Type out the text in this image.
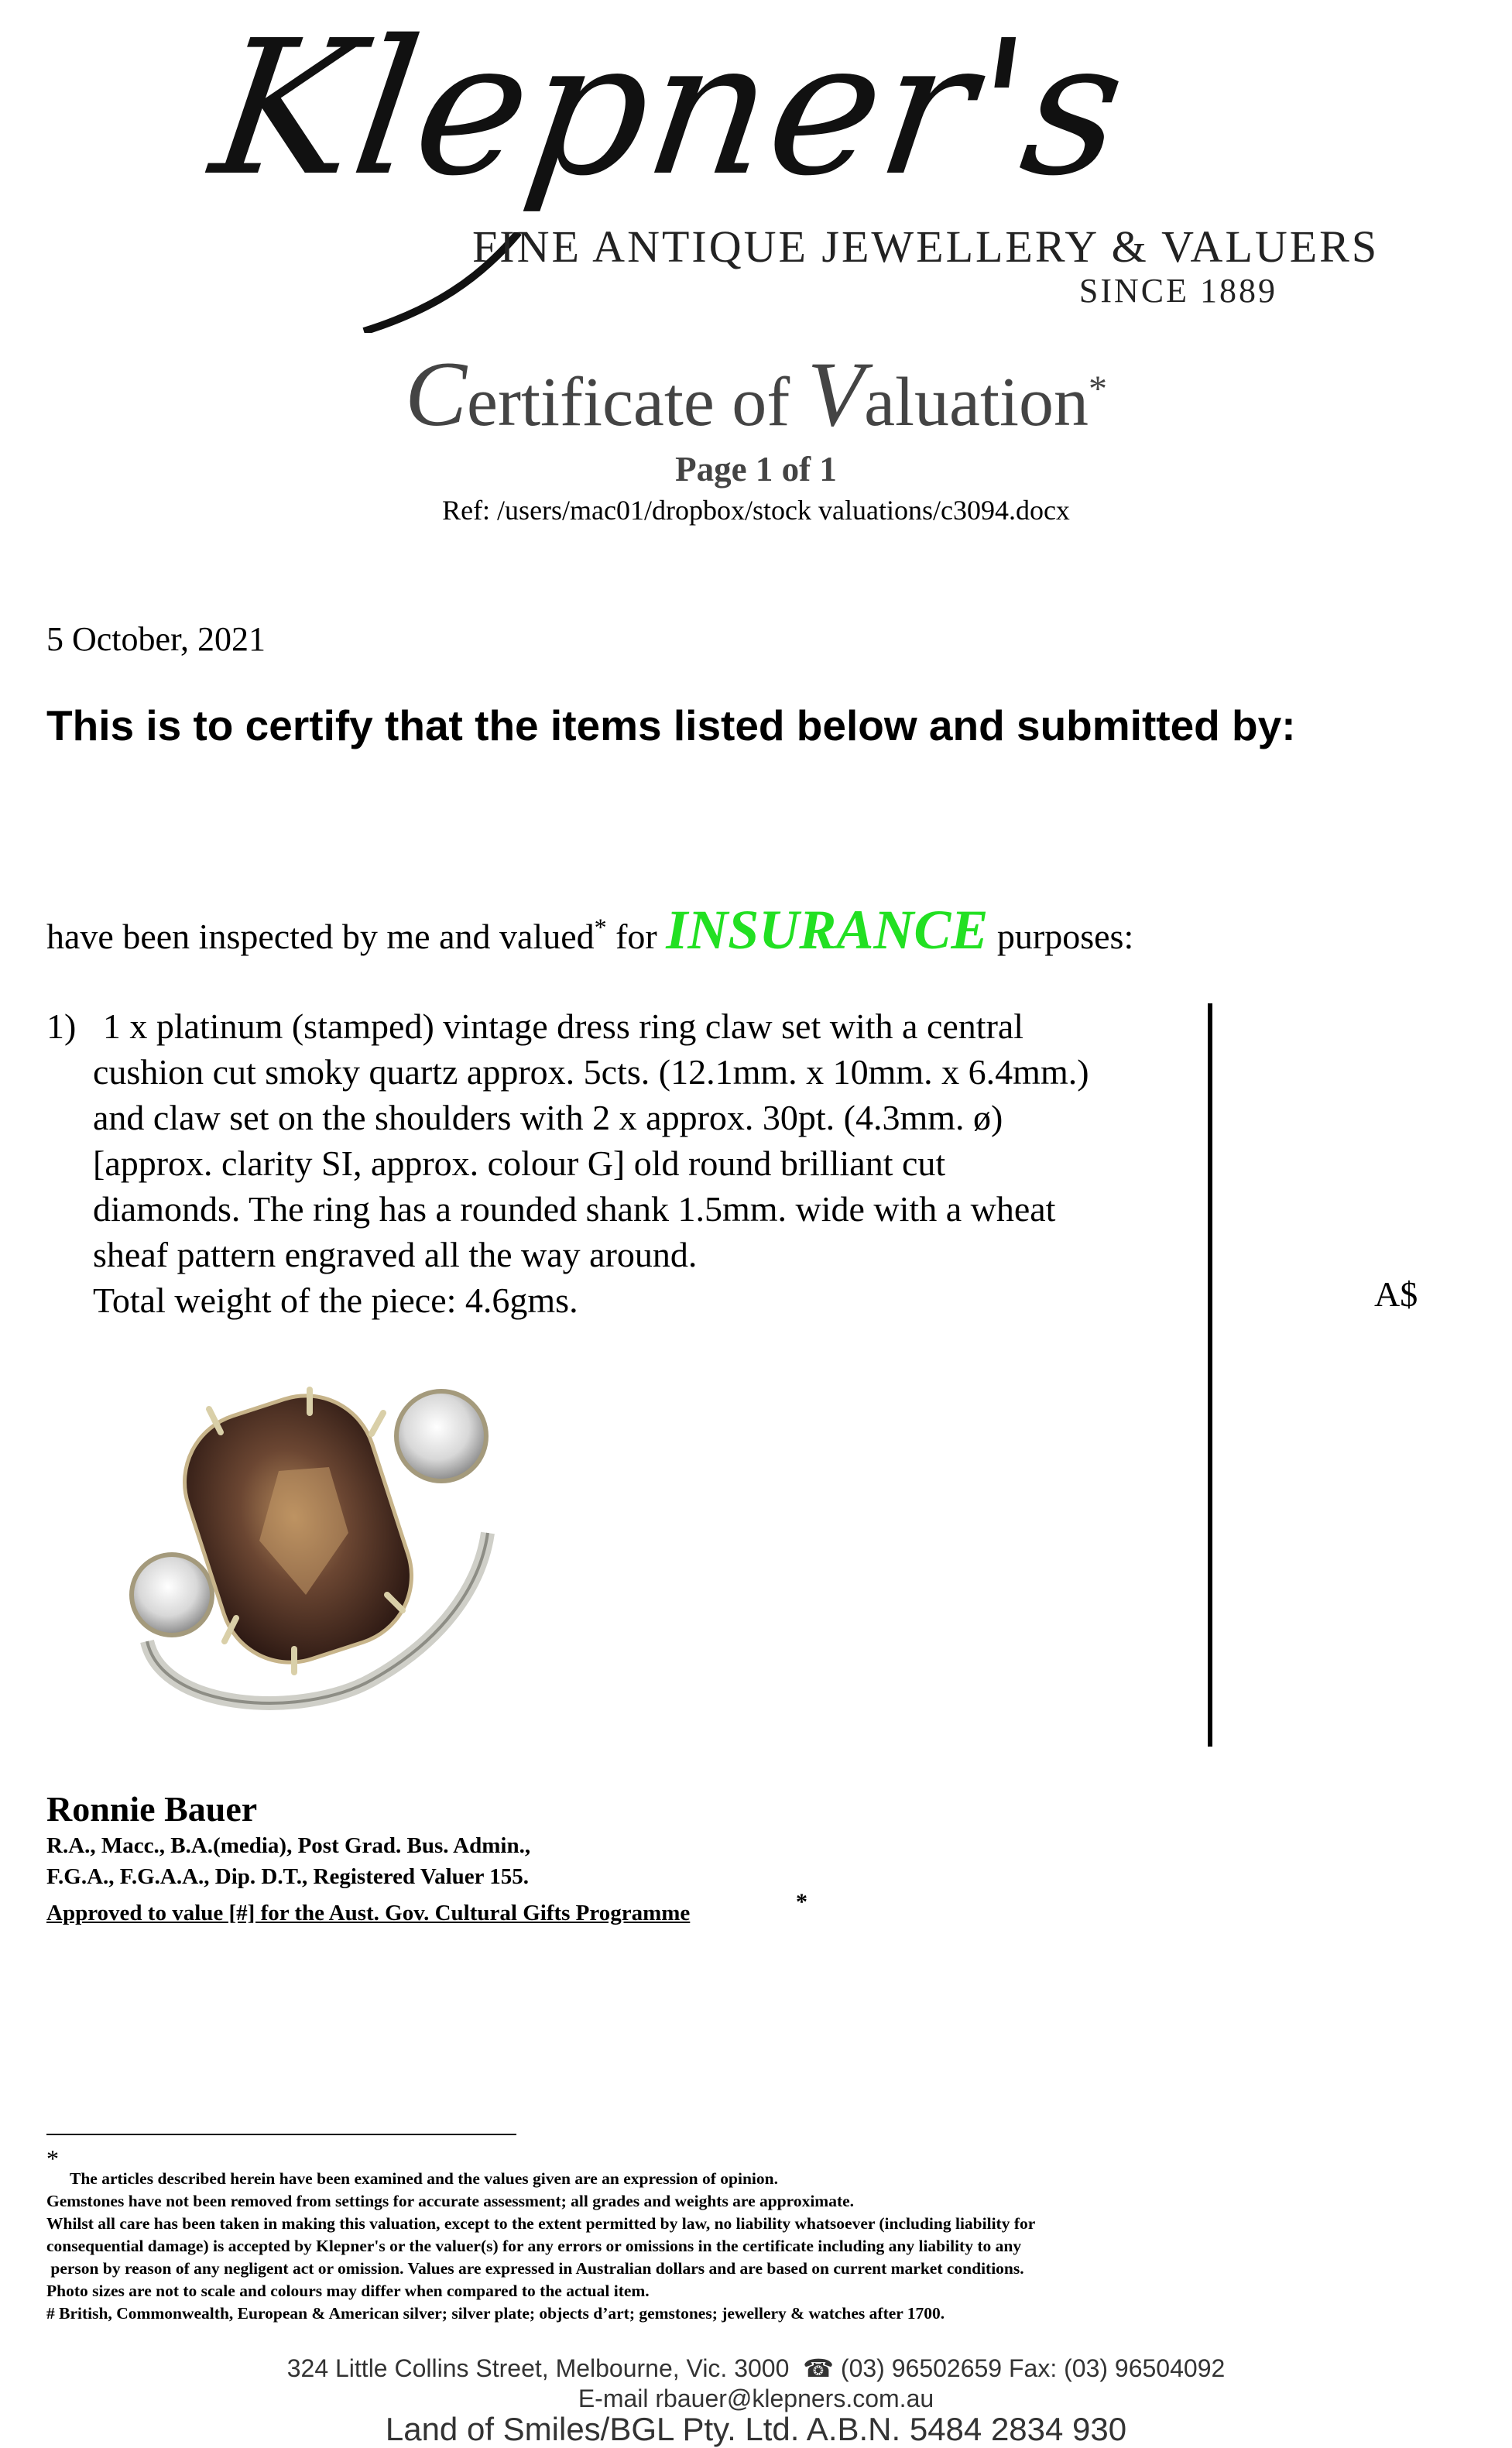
Klepner's
FINE ANTIQUE JEWELLERY & VALUERS
SINCE 1889
Certificate of Valuation*
Page 1 of 1
Ref: /users/mac01/dropbox/stock valuations/c3094.docx
5 October, 2021
This is to certify that the items listed below and submitted by:
have been inspected by me and valued* for INSURANCE purposes:
1)   1 x platinum (stamped) vintage dress ring claw set with a central
cushion cut smoky quartz approx. 5cts. (12.1mm. x 10mm. x 6.4mm.)
and claw set on the shoulders with 2 x approx. 30pt. (4.3mm. ø)
[approx. clarity SI, approx. colour G] old round brilliant cut
diamonds. The ring has a rounded shank 1.5mm. wide with a wheat
sheaf pattern engraved all the way around.
Total weight of the piece: 4.6gms.	A$
Ronnie Bauer
R.A., Macc., B.A.(media), Post Grad. Bus. Admin.,
F.G.A., F.G.A.A., Dip. D.T., Registered Valuer 155.
Approved to value [#] for the Aust. Gov. Cultural Gifts Programme	*
*
The articles described herein have been examined and the values given are an expression of opinion.
Gemstones have not been removed from settings for accurate assessment; all grades and weights are approximate.
Whilst all care has been taken in making this valuation, except to the extent permitted by law, no liability whatsoever (including liability for
consequential damage) is accepted by Klepner's or the valuer(s) for any errors or omissions in the certificate including any liability to any
person by reason of any negligent act or omission. Values are expressed in Australian dollars and are based on current market conditions.
Photo sizes are not to scale and colours may differ when compared to the actual item.
# British, Commonwealth, European & American silver; silver plate; objects d’art; gemstones; jewellery & watches after 1700.
324 Little Collins Street, Melbourne, Vic. 3000  ☎ (03) 96502659 Fax: (03) 96504092
E-mail rbauer@klepners.com.au
Land of Smiles/BGL Pty. Ltd. A.B.N. 5484 2834 930
